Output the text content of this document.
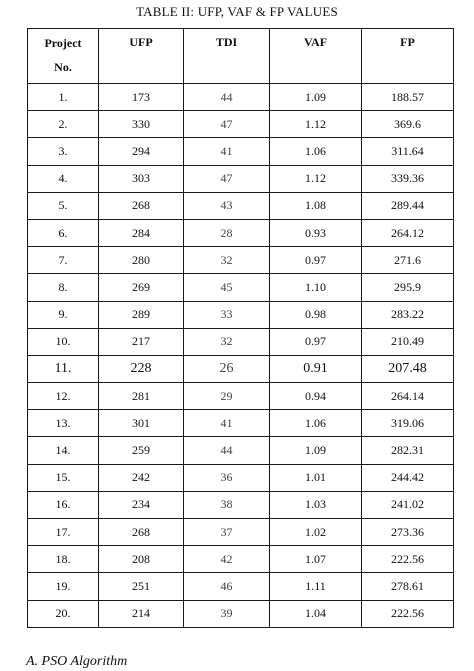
TABLE II: UFP, VAF & FP VALUES
Project
No.	UFP	TDI	VAF	FP
1.	173	44	1.09	188.57
2.	330	47	1.12	369.6
3.	294	41	1.06	311.64
4.	303	47	1.12	339.36
5.	268	43	1.08	289.44
6.	284	28	0.93	264.12
7.	280	32	0.97	271.6
8.	269	45	1.10	295.9
9.	289	33	0.98	283.22
10.	217	32	0.97	210.49
11.	228	26	0.91	207.48
12.	281	29	0.94	264.14
13.	301	41	1.06	319.06
14.	259	44	1.09	282.31
15.	242	36	1.01	244.42
16.	234	38	1.03	241.02
17.	268	37	1.02	273.36
18.	208	42	1.07	222.56
19.	251	46	1.11	278.61
20.	214	39	1.04	222.56
A. PSO Algorithm
